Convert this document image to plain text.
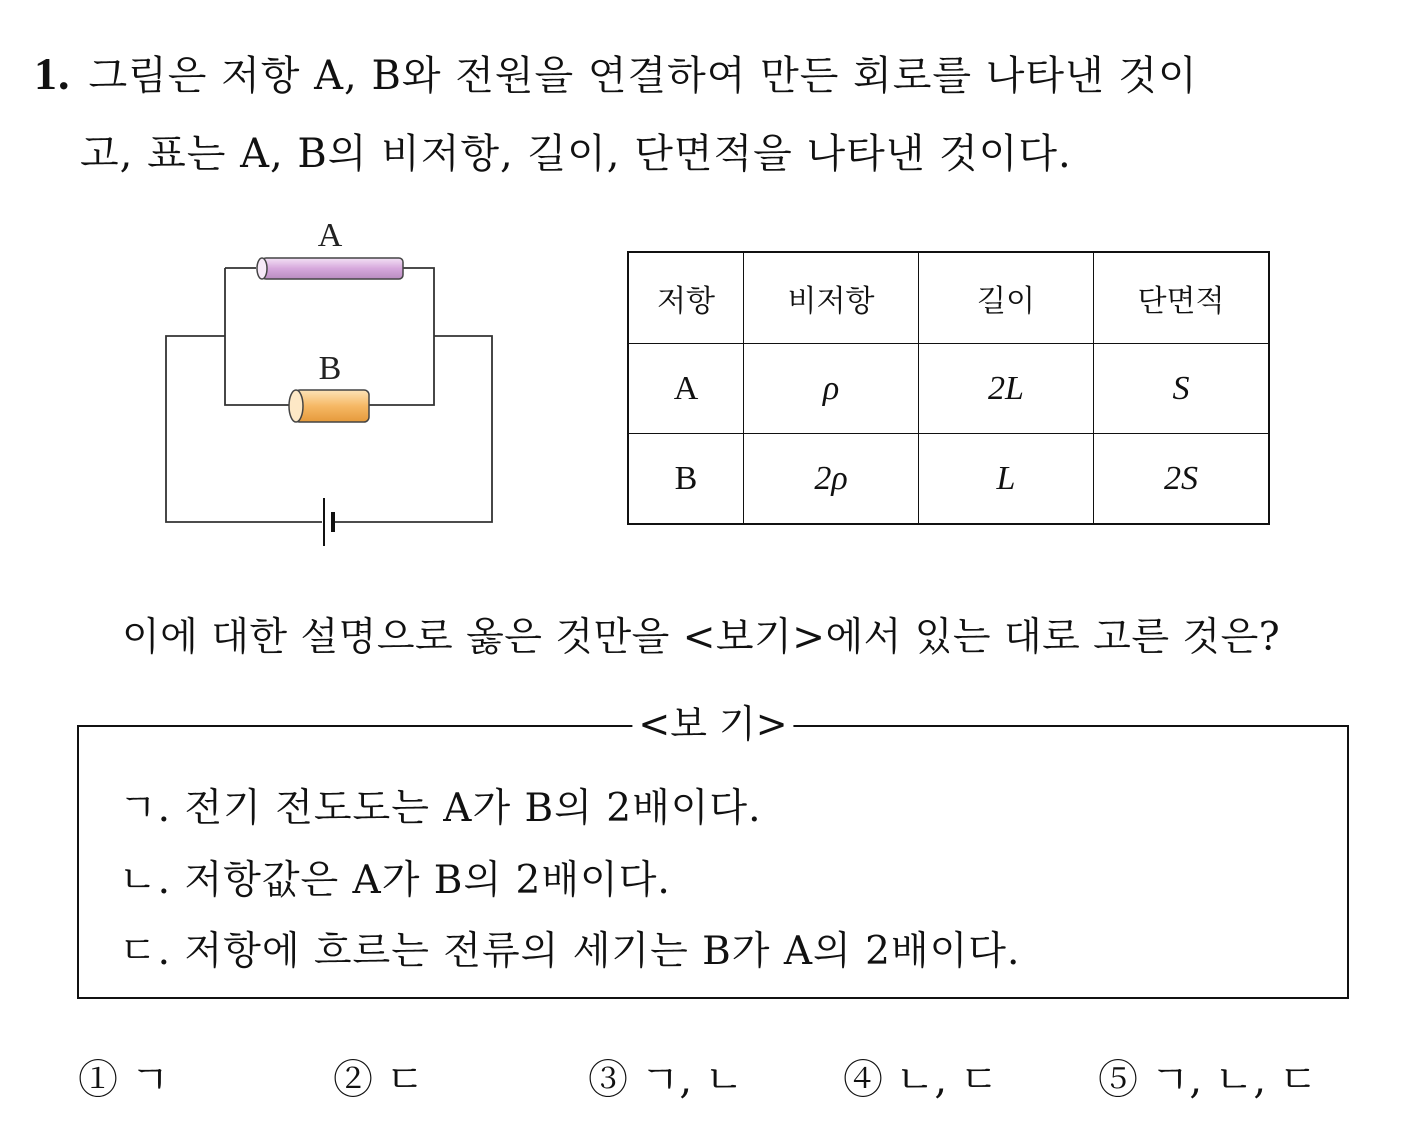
1. 그림은 저항 A, B와 전원을 연결하여 만든 회로를 나타낸 것이
고, 표는 A, B의 비저항, 길이, 단면적을 나타낸 것이다.
A
B
저항	비저항	길이	단면적
A	ρ	2L	S
B	2ρ	L	2S
이에 대한 설명으로 옳은 것만을 <보기>에서 있는 대로 고른 것은?
<보 기>
ㄱ. 전기 전도도는 A가 B의 2배이다.
ㄴ. 저항값은 A가 B의 2배이다.
ㄷ. 저항에 흐르는 전류의 세기는 B가 A의 2배이다.
① ㄱ	② ㄷ	③ ㄱ, ㄴ ④ ㄴ, ㄷ ⑤ ㄱ, ㄴ, ㄷ
